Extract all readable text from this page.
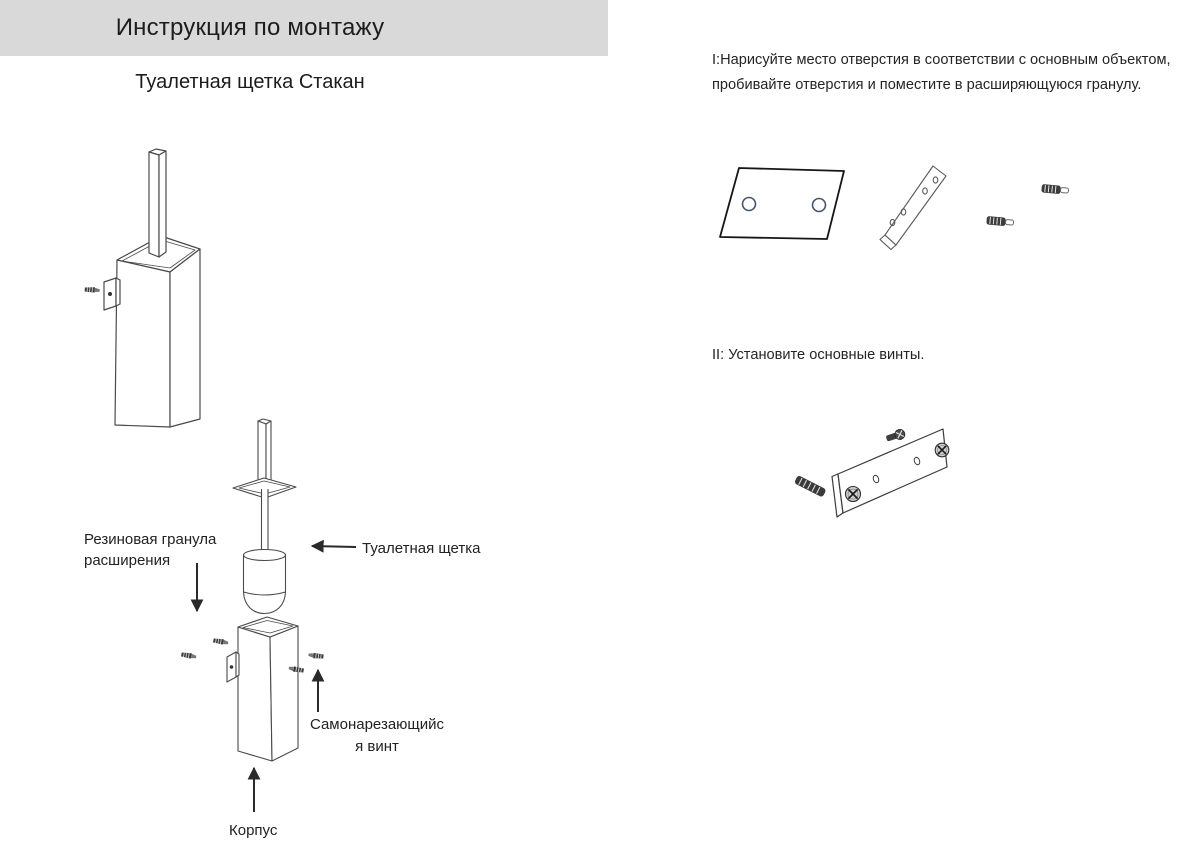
Инструкция по монтажу
Туалетная щетка Стакан
Резиновая гранула расширения
Туалетная щетка
Самонарезающийс
я винт
Корпус
I:Нарисуйте место отверстия в соответствии с основным объектом, пробивайте отверстия и поместите в расширяющуюся гранулу.
II: Установите основные винты.
